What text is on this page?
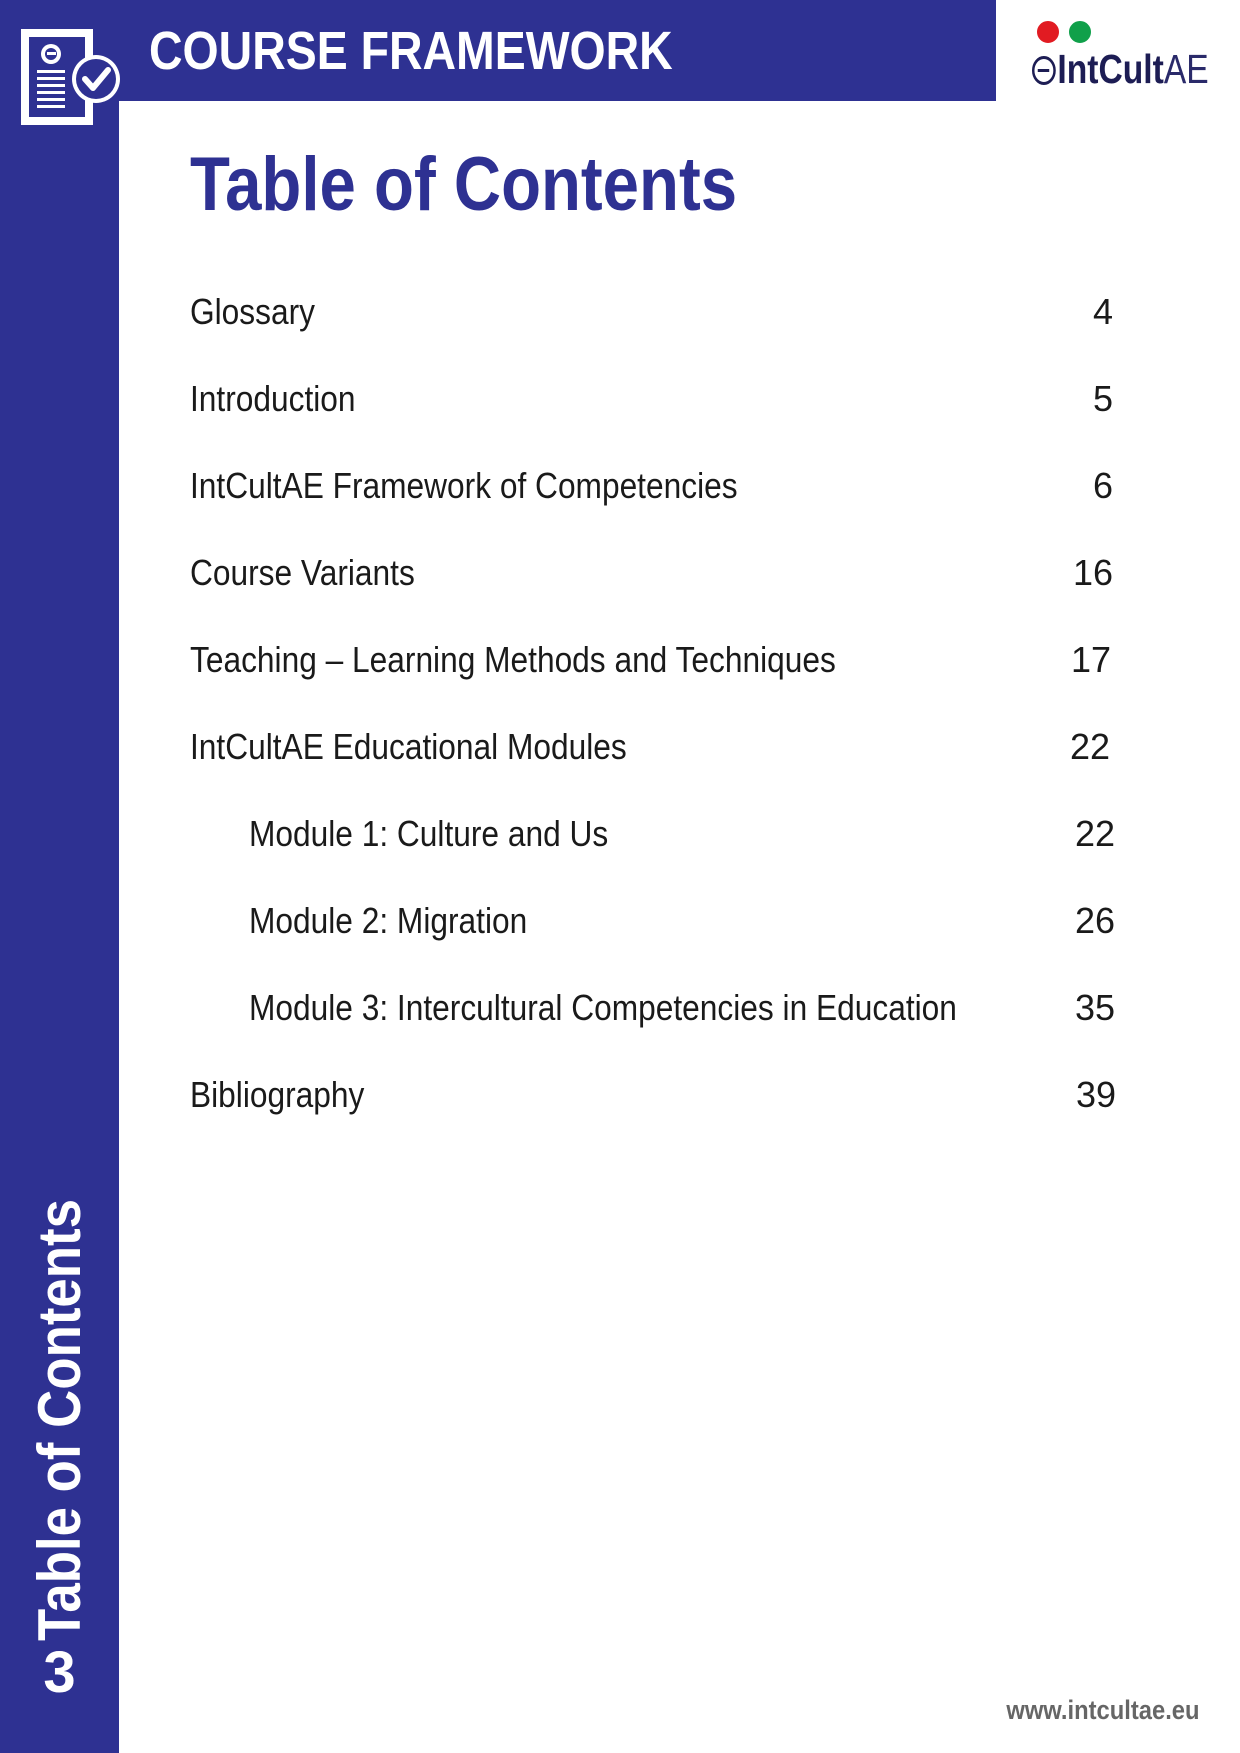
COURSE FRAMEWORK	IntCultAE
Table of Contents
Glossary	4
Introduction	5
IntCultAE Framework of Competencies	6
Course Variants	16
Teaching – Learning Methods and Techniques	17
IntCultAE Educational Modules	22
Module 1: Culture and Us	22
Module 2: Migration	26
Module 3: Intercultural Competencies in Education	35
Bibliography	39
Table of Contents
3
www.intcultae.eu
